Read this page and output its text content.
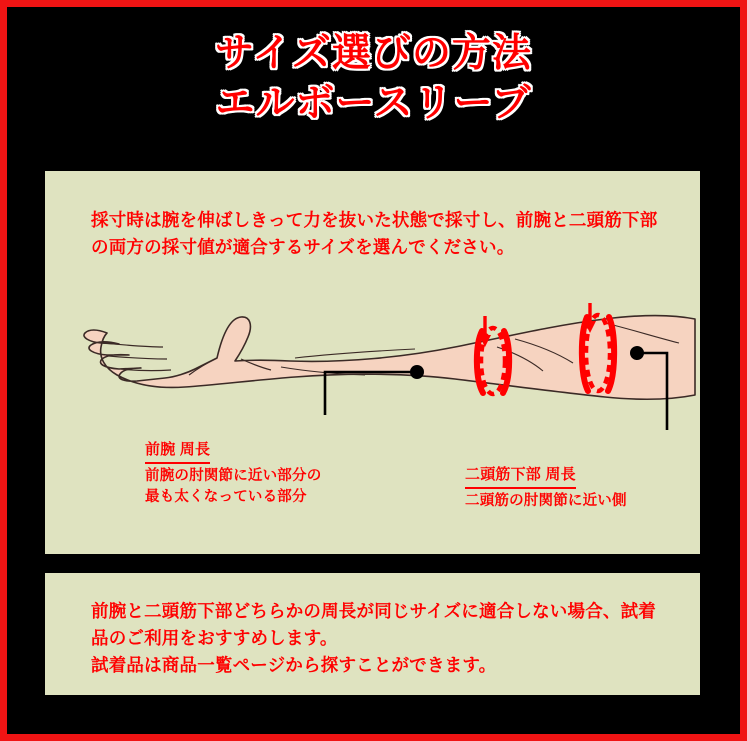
サイズ選びの方法
エルボースリーブ
採寸時は腕を伸ばしきって力を抜いた状態で採寸し、前腕と二頭筋下部の両方の採寸値が適合するサイズを選んでください。
前腕 周長
前腕の肘関節に近い部分の
最も太くなっている部分
二頭筋下部 周長
二頭筋の肘関節に近い側
前腕と二頭筋下部どちらかの周長が同じサイズに適合しない場合、試着品のご利用をおすすめします。
試着品は商品一覧ページから探すことができます。
